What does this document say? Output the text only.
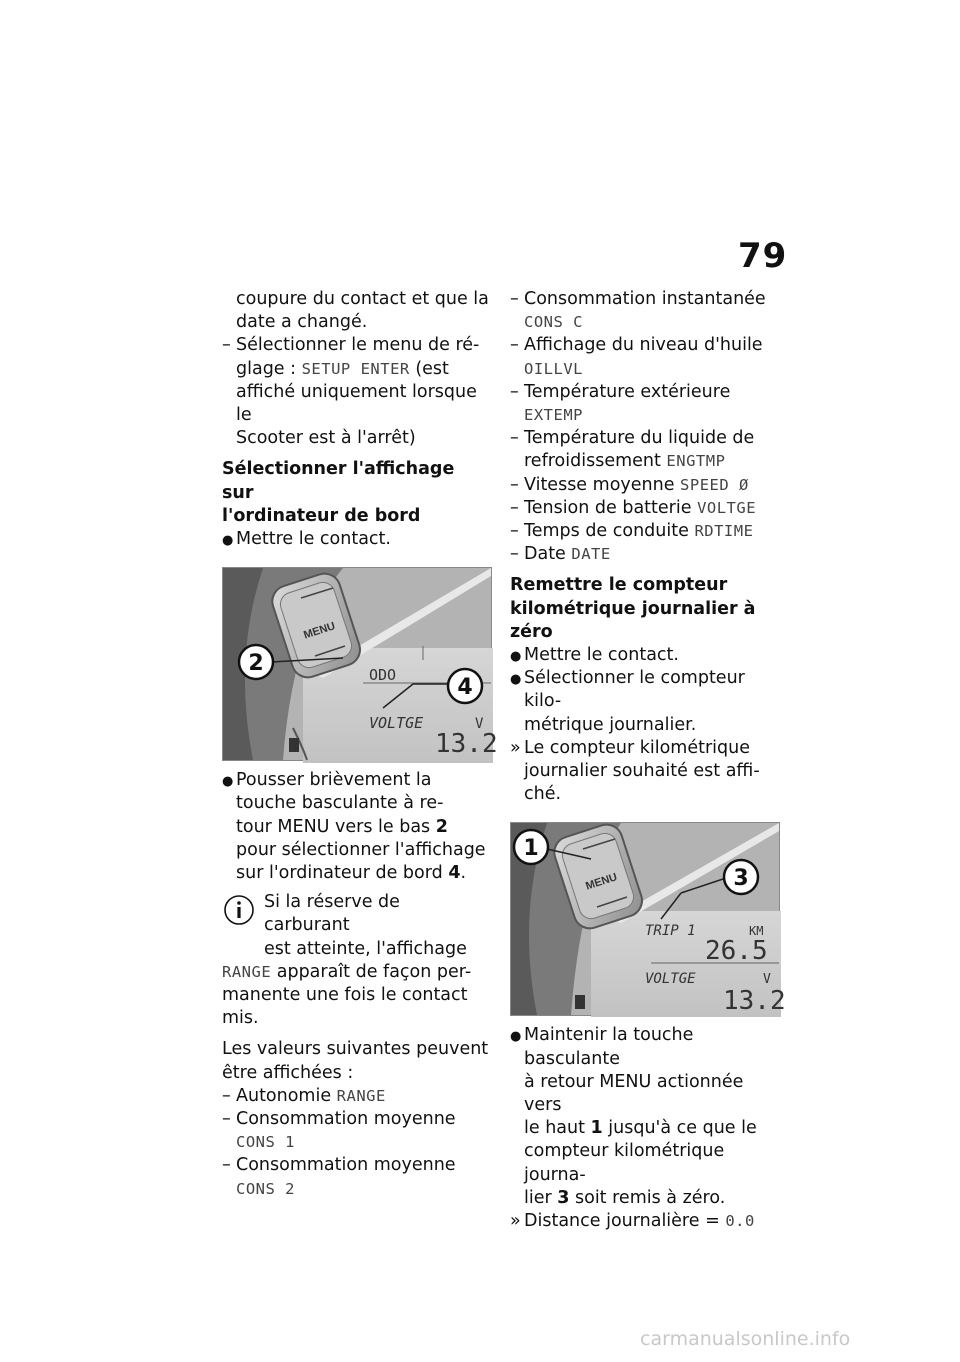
79

coupure du contact et que la
date a changé.

– Sélectionner le menu de ré-
glage : SETUP ENTER (est
affiché uniquement lorsque le
Scooter est à l'arrêt)

Sélectionner l'affichage sur
l'ordinateur de bord

● Mettre le contact.

MENU
ODO
VOLTGE	V
13.2
2
4

● Pousser brièvement la
touche basculante à re-
tour MENU vers le bas 2
pour sélectionner l'affichage
sur l'ordinateur de bord 4.

Si la réserve de carburant
est atteinte, l'affichage

RANGE apparaît de façon per-
manente une fois le contact
mis.

Les valeurs suivantes peuvent
être affichées :

– Autonomie RANGE

– Consommation moyenne
CONS 1

– Consommation moyenne
CONS 2

– Consommation instantanée
CONS C

– Affichage du niveau d'huile
OILLVL

– Température extérieure
EXTEMP

– Température du liquide de
refroidissement ENGTMP

– Vitesse moyenne SPEED Ø

– Tension de batterie VOLTGE

– Temps de conduite RDTIME

– Date DATE

Remettre le compteur
kilométrique journalier à zéro

● Mettre le contact.

● Sélectionner le compteur kilo-
métrique journalier.

» Le compteur kilométrique
journalier souhaité est affi-
ché.

MENU
TRIP 1	KM
26.5
VOLTGE	V
13.2
1
3

● Maintenir la touche basculante
à retour MENU actionnée vers
le haut 1 jusqu'à ce que le
compteur kilométrique journa-
lier 3 soit remis à zéro.

» Distance journalière = 0.0

carmanualsonline.info
